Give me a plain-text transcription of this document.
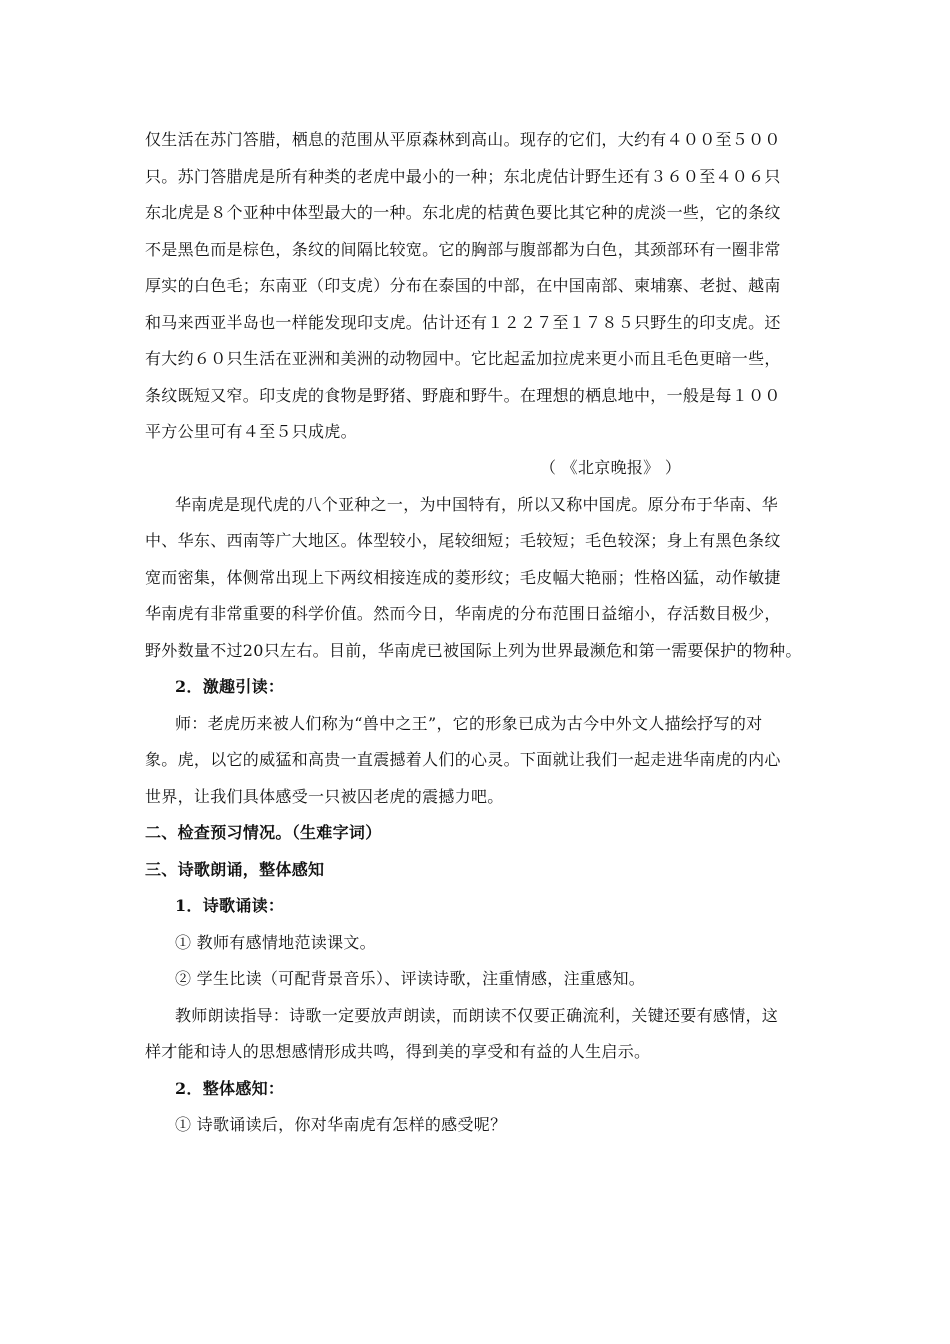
仅生活在苏门答腊，栖息的范围从平原森林到高山。现存的它们，大约有４００至５００
只。苏门答腊虎是所有种类的老虎中最小的一种；东北虎估计野生还有３６０至４０６只
东北虎是８个亚种中体型最大的一种。东北虎的桔黄色要比其它种的虎淡一些，它的条纹
不是黑色而是棕色，条纹的间隔比较宽。它的胸部与腹部都为白色，其颈部环有一圈非常
厚实的白色毛；东南亚（印支虎）分布在泰国的中部，在中国南部、柬埔寨、老挝、越南
和马来西亚半岛也一样能发现印支虎。估计还有１２２７至１７８５只野生的印支虎。还
有大约６０只生活在亚洲和美洲的动物园中。它比起孟加拉虎来更小而且毛色更暗一些，
条纹既短又窄。印支虎的食物是野猪、野鹿和野牛。在理想的栖息地中，一般是每１００
平方公里可有４至５只成虎。
（ 《北京晚报》 ）
华南虎是现代虎的八个亚种之一，为中国特有，所以又称中国虎。原分布于华南、华
中、华东、西南等广大地区。体型较小，尾较细短；毛较短；毛色较深；身上有黑色条纹
宽而密集，体侧常出现上下两纹相接连成的菱形纹；毛皮幅大艳丽；性格凶猛，动作敏捷
华南虎有非常重要的科学价值。然而今日，华南虎的分布范围日益缩小，存活数目极少，
野外数量不过20只左右。目前，华南虎已被国际上列为世界最濒危和第一需要保护的物种。
2．激趣引读：
师：老虎历来被人们称为“兽中之王”，它的形象已成为古今中外文人描绘抒写的对
象。虎，以它的威猛和高贵一直震撼着人们的心灵。下面就让我们一起走进华南虎的内心
世界，让我们具体感受一只被囚老虎的震撼力吧。
二、检查预习情况。（生难字词）
三、诗歌朗诵，整体感知
1．诗歌诵读：
① 教师有感情地范读课文。
② 学生比读（可配背景音乐）、评读诗歌，注重情感，注重感知。
教师朗读指导：诗歌一定要放声朗读，而朗读不仅要正确流利，关键还要有感情，这
样才能和诗人的思想感情形成共鸣，得到美的享受和有益的人生启示。
2．整体感知：
① 诗歌诵读后，你对华南虎有怎样的感受呢？
